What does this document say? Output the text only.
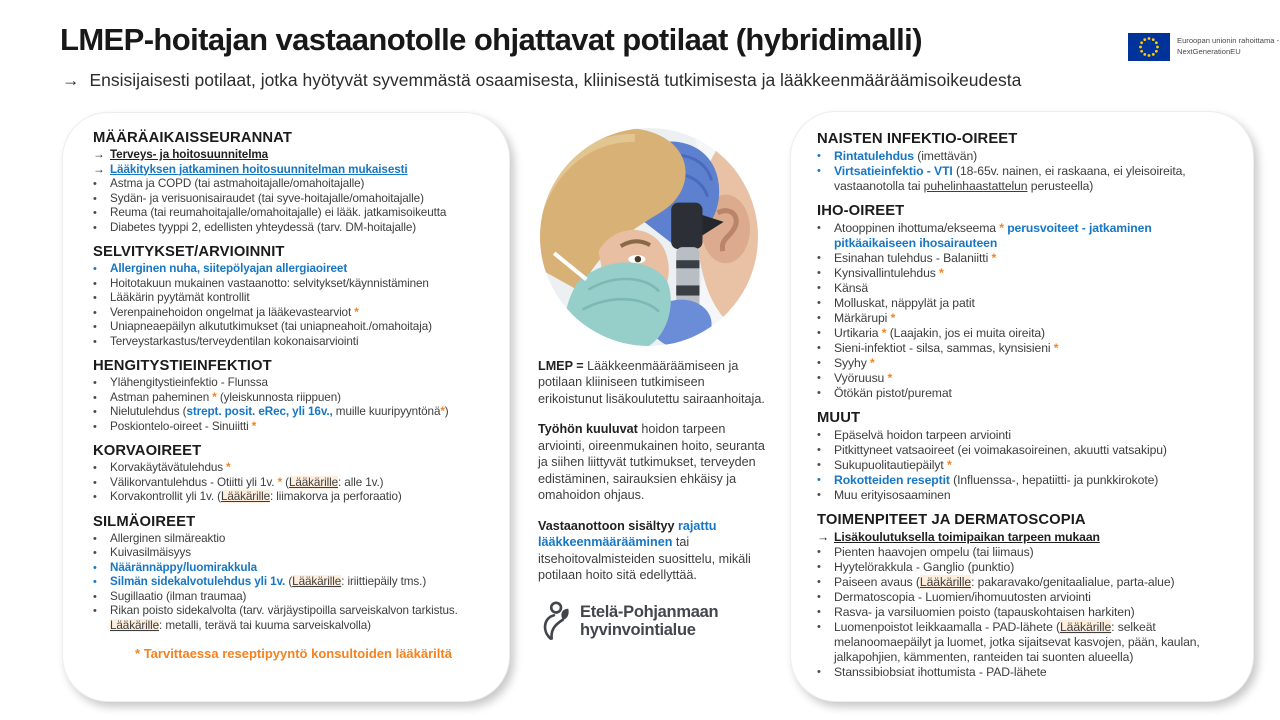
LMEP-hoitajan vastaanotolle ohjattavat potilaat (hybridimalli)	Euroopan unionin rahoittama -
NextGenerationEU
→ Ensisijaisesti potilaat, jotka hyötyvät syvemmästä osaamisesta, kliinisestä tutkimisesta ja lääkkeenmääräämisoikeudesta
MÄÄRÄAIKAISSEURANNAT
→ Terveys- ja hoitosuunnitelma
→ Lääkityksen jatkaminen hoitosuunnitelman mukaisesti
•	Astma ja COPD (tai astmahoitajalle/omahoitajalle)
•	Sydän- ja verisuonisairaudet (tai syve-hoitajalle/omahoitajalle)
•	Reuma (tai reumahoitajalle/omahoitajalle) ei lääk. jatkamisoikeutta
•	Diabetes tyyppi 2, edellisten yhteydessä (tarv. DM-hoitajalle)
SELVITYKSET/ARVIOINNIT
•	Allerginen nuha, siitepölyajan allergiaoireet
•	Hoitotakuun mukainen vastaanotto: selvitykset/käynnistäminen
•	Lääkärin pyytämät kontrollit
•	Verenpainehoidon ongelmat ja lääkevastearviot *
•	Uniapneaepäilyn alkututkimukset (tai uniapneahoit./omahoitaja)
•	Terveystarkastus/terveydentilan kokonaisarviointi
HENGITYSTIEINFEKTIOT
•	Ylähengitystieinfektio - Flunssa
•	Astman paheminen * (yleiskunnosta riippuen)
•	Nielutulehdus (strept. posit. eRec, yli 16v., muille kuuripyyntönä*)
•	Poskiontelo-oireet - Sinuiitti *
KORVAOIREET
•	Korvakäytävätulehdus *
•	Välikorvantulehdus - Otiitti yli 1v. * (Lääkärille: alle 1v.)
•	Korvakontrollit yli 1v. (Lääkärille: liimakorva ja perforaatio)
SILMÄOIREET
•	Allerginen silmäreaktio
•	Kuivasilmäisyys
•	Näärännäppy/luomirakkula
•	Silmän sidekalvotulehdus yli 1v. (Lääkärille: iriittiepäily tms.)
•	Sugillaatio (ilman traumaa)
•	Rikan poisto sidekalvolta (tarv. värjäystipoilla sarveiskalvon tarkistus. Lääkärille: metalli, terävä tai kuuma sarveiskalvolla)
* Tarvittaessa reseptipyyntö konsultoiden lääkäriltä
LMEP = Lääkkeenmääräämiseen ja potilaan kliiniseen tutkimiseen erikoistunut lisäkoulutettu sairaanhoitaja.
Työhön kuuluvat hoidon tarpeen arviointi, oireenmukainen hoito, seuranta ja siihen liittyvät tutkimukset, terveyden edistäminen, sairauksien ehkäisy ja omahoidon ohjaus.
Vastaanottoon sisältyy rajattu lääkkeenmäärääminen tai itsehoitovalmisteiden suosittelu, mikäli potilaan hoito sitä edellyttää.
Etelä-Pohjanmaan
hyvinvointialue
NAISTEN INFEKTIO-OIREET
•	Rintatulehdus (imettävän)
•	Virtsatieinfektio - VTI (18-65v. nainen, ei raskaana, ei yleisoireita, vastaanotolla tai puhelinhaastattelun perusteella)
IHO-OIREET
•	Atooppinen ihottuma/ekseema * perusvoiteet - jatkaminen pitkäaikaiseen ihosairauteen
•	Esinahan tulehdus - Balaniitti *
•	Kynsivallintulehdus *
•	Känsä
•	Molluskat, näppylät ja patit
•	Märkärupi *
•	Urtikaria * (Laajakin, jos ei muita oireita)
•	Sieni-infektiot - silsa, sammas, kynsisieni *
•	Syyhy *
•	Vyöruusu *
•	Ötökän pistot/puremat
MUUT
•	Epäselvä hoidon tarpeen arviointi
•	Pitkittyneet vatsaoireet (ei voimakasoireinen, akuutti vatsakipu)
•	Sukupuolitautiepäilyt *
•	Rokotteiden reseptit (Influenssa-, hepatiitti- ja punkkirokote)
•	Muu erityisosaaminen
TOIMENPITEET JA DERMATOSCOPIA
→ Lisäkoulutuksella toimipaikan tarpeen mukaan
•	Pienten haavojen ompelu (tai liimaus)
•	Hyytelörakkula - Ganglio (punktio)
•	Paiseen avaus (Lääkärille: pakaravako/genitaalialue, parta-alue)
•	Dermatoscopia - Luomien/ihomuutosten arviointi
•	Rasva- ja varsiluomien poisto (tapauskohtaisen harkiten)
•	Luomenpoistot leikkaamalla - PAD-lähete (Lääkärille: selkeät melanoomaepäilyt ja luomet, jotka sijaitsevat kasvojen, pään, kaulan, jalkapohjien, kämmenten, ranteiden tai suonten alueella)
•	Stanssibiobsiat ihottumista - PAD-lähete
